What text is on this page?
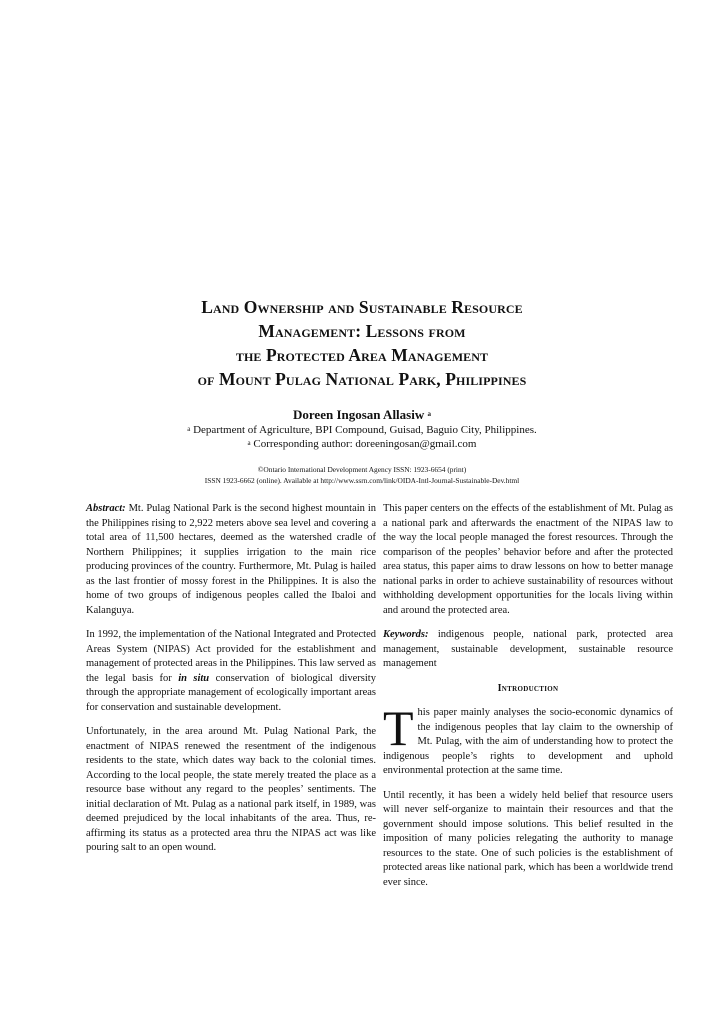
Land Ownership and Sustainable Resource
Management: Lessons from
the Protected Area Management
of Mount Pulag National Park, Philippines
Doreen Ingosan Allasiw $^a$
$^a$ Department of Agriculture, BPI Compound, Guisad, Baguio City, Philippines.
$^a$ Corresponding author: doreeningosan@gmail.com
©Ontario International Development Agency ISSN: 1923-6654 (print)
ISSN 1923-6662 (online). Available at http://www.ssrn.com/link/OIDA-Intl-Journal-Sustainable-Dev.html

Abstract: Mt. Pulag National Park is the second highest mountain in the Philippines rising to 2,922 meters above sea level and covering a total area of 11,500 hectares, deemed as the watershed cradle of Northern Philippines; it supplies irrigation to the main rice producing provinces of the country. Furthermore, Mt. Pulag is hailed as the last frontier of mossy forest in the Philippines. It is also the home of two groups of indigenous peoples called the Ibaloi and Kalanguya.

In 1992, the implementation of the National Integrated and Protected Areas System (NIPAS) Act provided for the establishment and management of protected areas in the Philippines. This law served as the legal basis for in situ conservation of biological diversity through the appropriate management of ecologically important areas for conservation and sustainable development.

Unfortunately, in the area around Mt. Pulag National Park, the enactment of NIPAS renewed the resentment of the indigenous residents to the state, which dates way back to the colonial times. According to the local people, the state merely treated the place as a resource base without any regard to the peoples’ sentiments. The initial declaration of Mt. Pulag as a national park itself, in 1989, was deemed prejudiced by the local inhabitants of the area. Thus, re-affirming its status as a protected area thru the NIPAS act was like pouring salt to an open wound.

This paper centers on the effects of the establishment of Mt. Pulag as a national park and afterwards the enactment of the NIPAS law to the way the local people managed the forest resources. Through the comparison of the peoples’ behavior before and after the protected area status, this paper aims to draw lessons on how to better manage national parks in order to achieve sustainability of resources without withholding development opportunities for the locals living within and around the protected area.

Keywords: indigenous people, national park, protected area management, sustainable development, sustainable resource management

Introduction

This paper mainly analyses the socio-economic dynamics of the indigenous peoples that lay claim to the ownership of Mt. Pulag, with the aim of understanding how to protect the indigenous people’s rights to development and uphold environmental protection at the same time.

Until recently, it has been a widely held belief that resource users will never self-organize to maintain their resources and that the government should impose solutions. This belief resulted in the imposition of many policies relegating the authority to manage resources to the state. One of such policies is the establishment of protected areas like national park, which has been a worldwide trend ever since.
